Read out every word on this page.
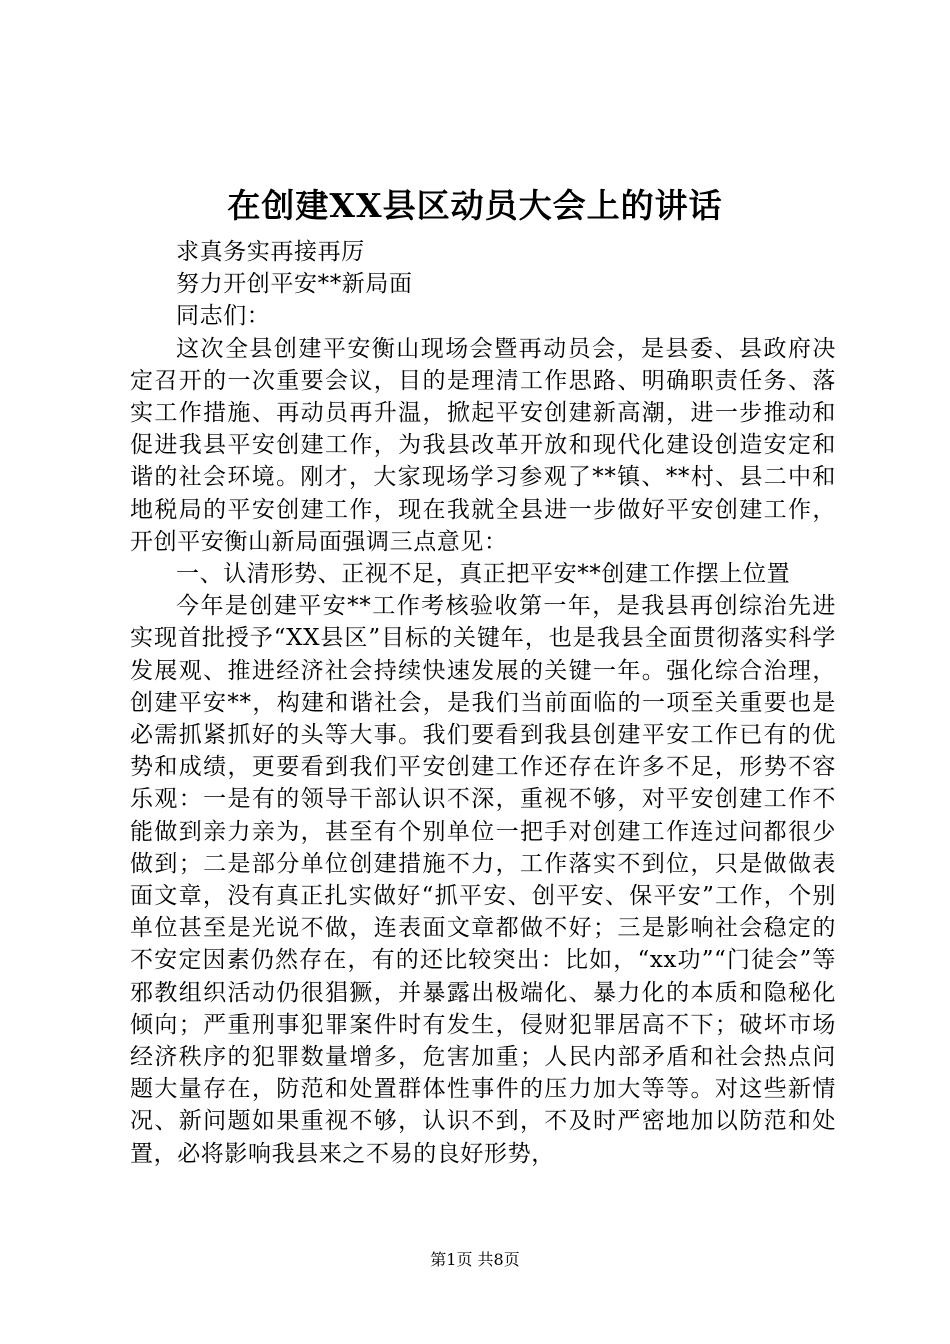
在创建XX县区动员大会上的讲话

求真务实再接再厉

努力开创平安**新局面

同志们：

这次全县创建平安衡山现场会暨再动员会，是县委、县政府决定召开的一次重要会议，目的是理清工作思路、明确职责任务、落实工作措施、再动员再升温，掀起平安创建新高潮，进一步推动和促进我县平安创建工作，为我县改革开放和现代化建设创造安定和谐的社会环境。刚才，大家现场学习参观了**镇、**村、县二中和地税局的平安创建工作，现在我就全县进一步做好平安创建工作，开创平安衡山新局面强调三点意见：

一、认清形势、正视不足，真正把平安**创建工作摆上位置

今年是创建平安**工作考核验收第一年，是我县再创综治先进实现首批授予“XX县区”目标的关键年，也是我县全面贯彻落实科学发展观、推进经济社会持续快速发展的关键一年。强化综合治理，创建平安**，构建和谐社会，是我们当前面临的一项至关重要也是必需抓紧抓好的头等大事。我们要看到我县创建平安工作已有的优势和成绩，更要看到我们平安创建工作还存在许多不足，形势不容乐观：一是有的领导干部认识不深，重视不够，对平安创建工作不能做到亲力亲为，甚至有个别单位一把手对创建工作连过问都很少做到；二是部分单位创建措施不力，工作落实不到位，只是做做表面文章，没有真正扎实做好“抓平安、创平安、保平安”工作，个别单位甚至是光说不做，连表面文章都做不好；三是影响社会稳定的不安定因素仍然存在，有的还比较突出：比如，“xx功”“门徒会”等邪教组织活动仍很猖獗，并暴露出极端化、暴力化的本质和隐秘化倾向；严重刑事犯罪案件时有发生，侵财犯罪居高不下；破坏市场经济秩序的犯罪数量增多，危害加重；人民内部矛盾和社会热点问题大量存在，防范和处置群体性事件的压力加大等等。对这些新情况、新问题如果重视不够，认识不到，不及时严密地加以防范和处置，必将影响我县来之不易的良好形势，

第1页 共8页
